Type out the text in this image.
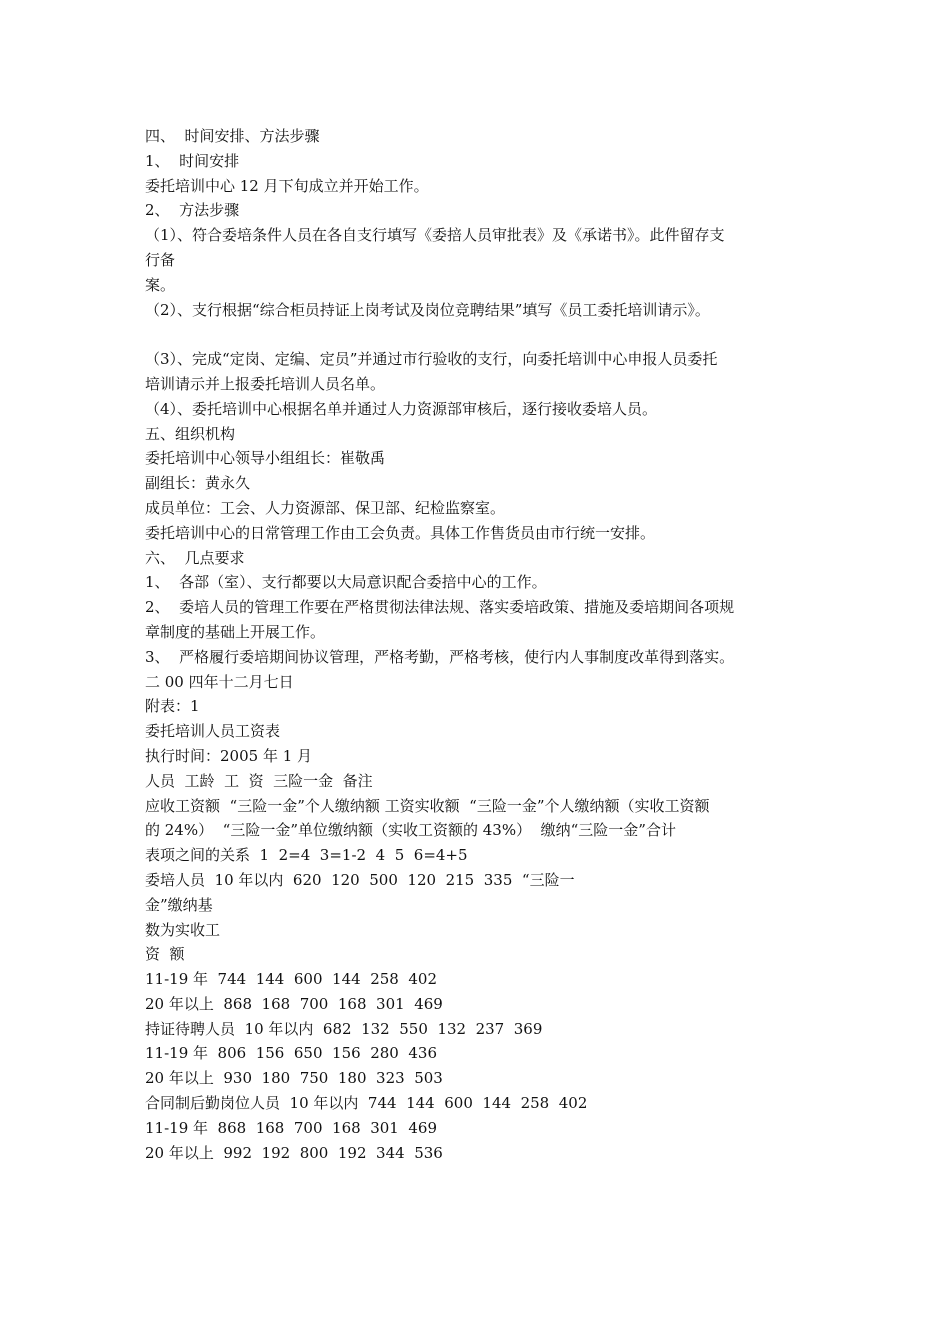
四、  时间安排、方法步骤
1、  时间安排
委托培训中心 12 月下旬成立并开始工作。
2、  方法步骤
（1）、符合委培条件人员在各自支行填写《委掊人员审批表》及《承诺书》。此件留存支
行备
案。
（2）、支行根据“综合柜员持证上岗考试及岗位竞聘结果”填写《员工委托培训请示》。
（3）、完成“定岗、定编、定员”并通过市行验收的支行，向委托培训中心申报人员委托
培训请示并上报委托培训人员名单。
（4）、委托培训中心根据名单并通过人力资源部审核后，逐行接收委培人员。
五、组织机构
委托培训中心领导小组组长：崔敬禹
副组长：黄永久
成员单位：工会、人力资源部、保卫部、纪检监察室。
委托培训中心的日常管理工作由工会负责。具体工作售货员由市行统一安排。
六、  几点要求
1、  各部（室）、支行都要以大局意识配合委掊中心的工作。
2、  委培人员的管理工作要在严格贯彻法律法规、落实委培政策、措施及委培期间各项规
章制度的基础上开展工作。
3、  严格履行委培期间协议管理，严格考勤，严格考核，使行内人事制度改革得到落实。
二 00 四年十二月七日
附表：1
委托培训人员工资表
执行时间：2005 年 1 月
人员  工龄  工  资  三险一金  备注
应收工资额  “三险一金”个人缴纳额 工资实收额  “三险一金”个人缴纳额（实收工资额
的 24%）  “三险一金”单位缴纳额（实收工资额的 43%）  缴纳“三险一金”合计
表项之间的关系  1  2=4  3=1-2  4  5  6=4+5
委培人员  10 年以内  620  120  500  120  215  335  “三险一
金”缴纳基
数为实收工
资  额
11-19 年  744  144  600  144  258  402
20 年以上  868  168  700  168  301  469
持证待聘人员  10 年以内  682  132  550  132  237  369
11-19 年  806  156  650  156  280  436
20 年以上  930  180  750  180  323  503
合同制后勤岗位人员  10 年以内  744  144  600  144  258  402
11-19 年  868  168  700  168  301  469
20 年以上  992  192  800  192  344  536
